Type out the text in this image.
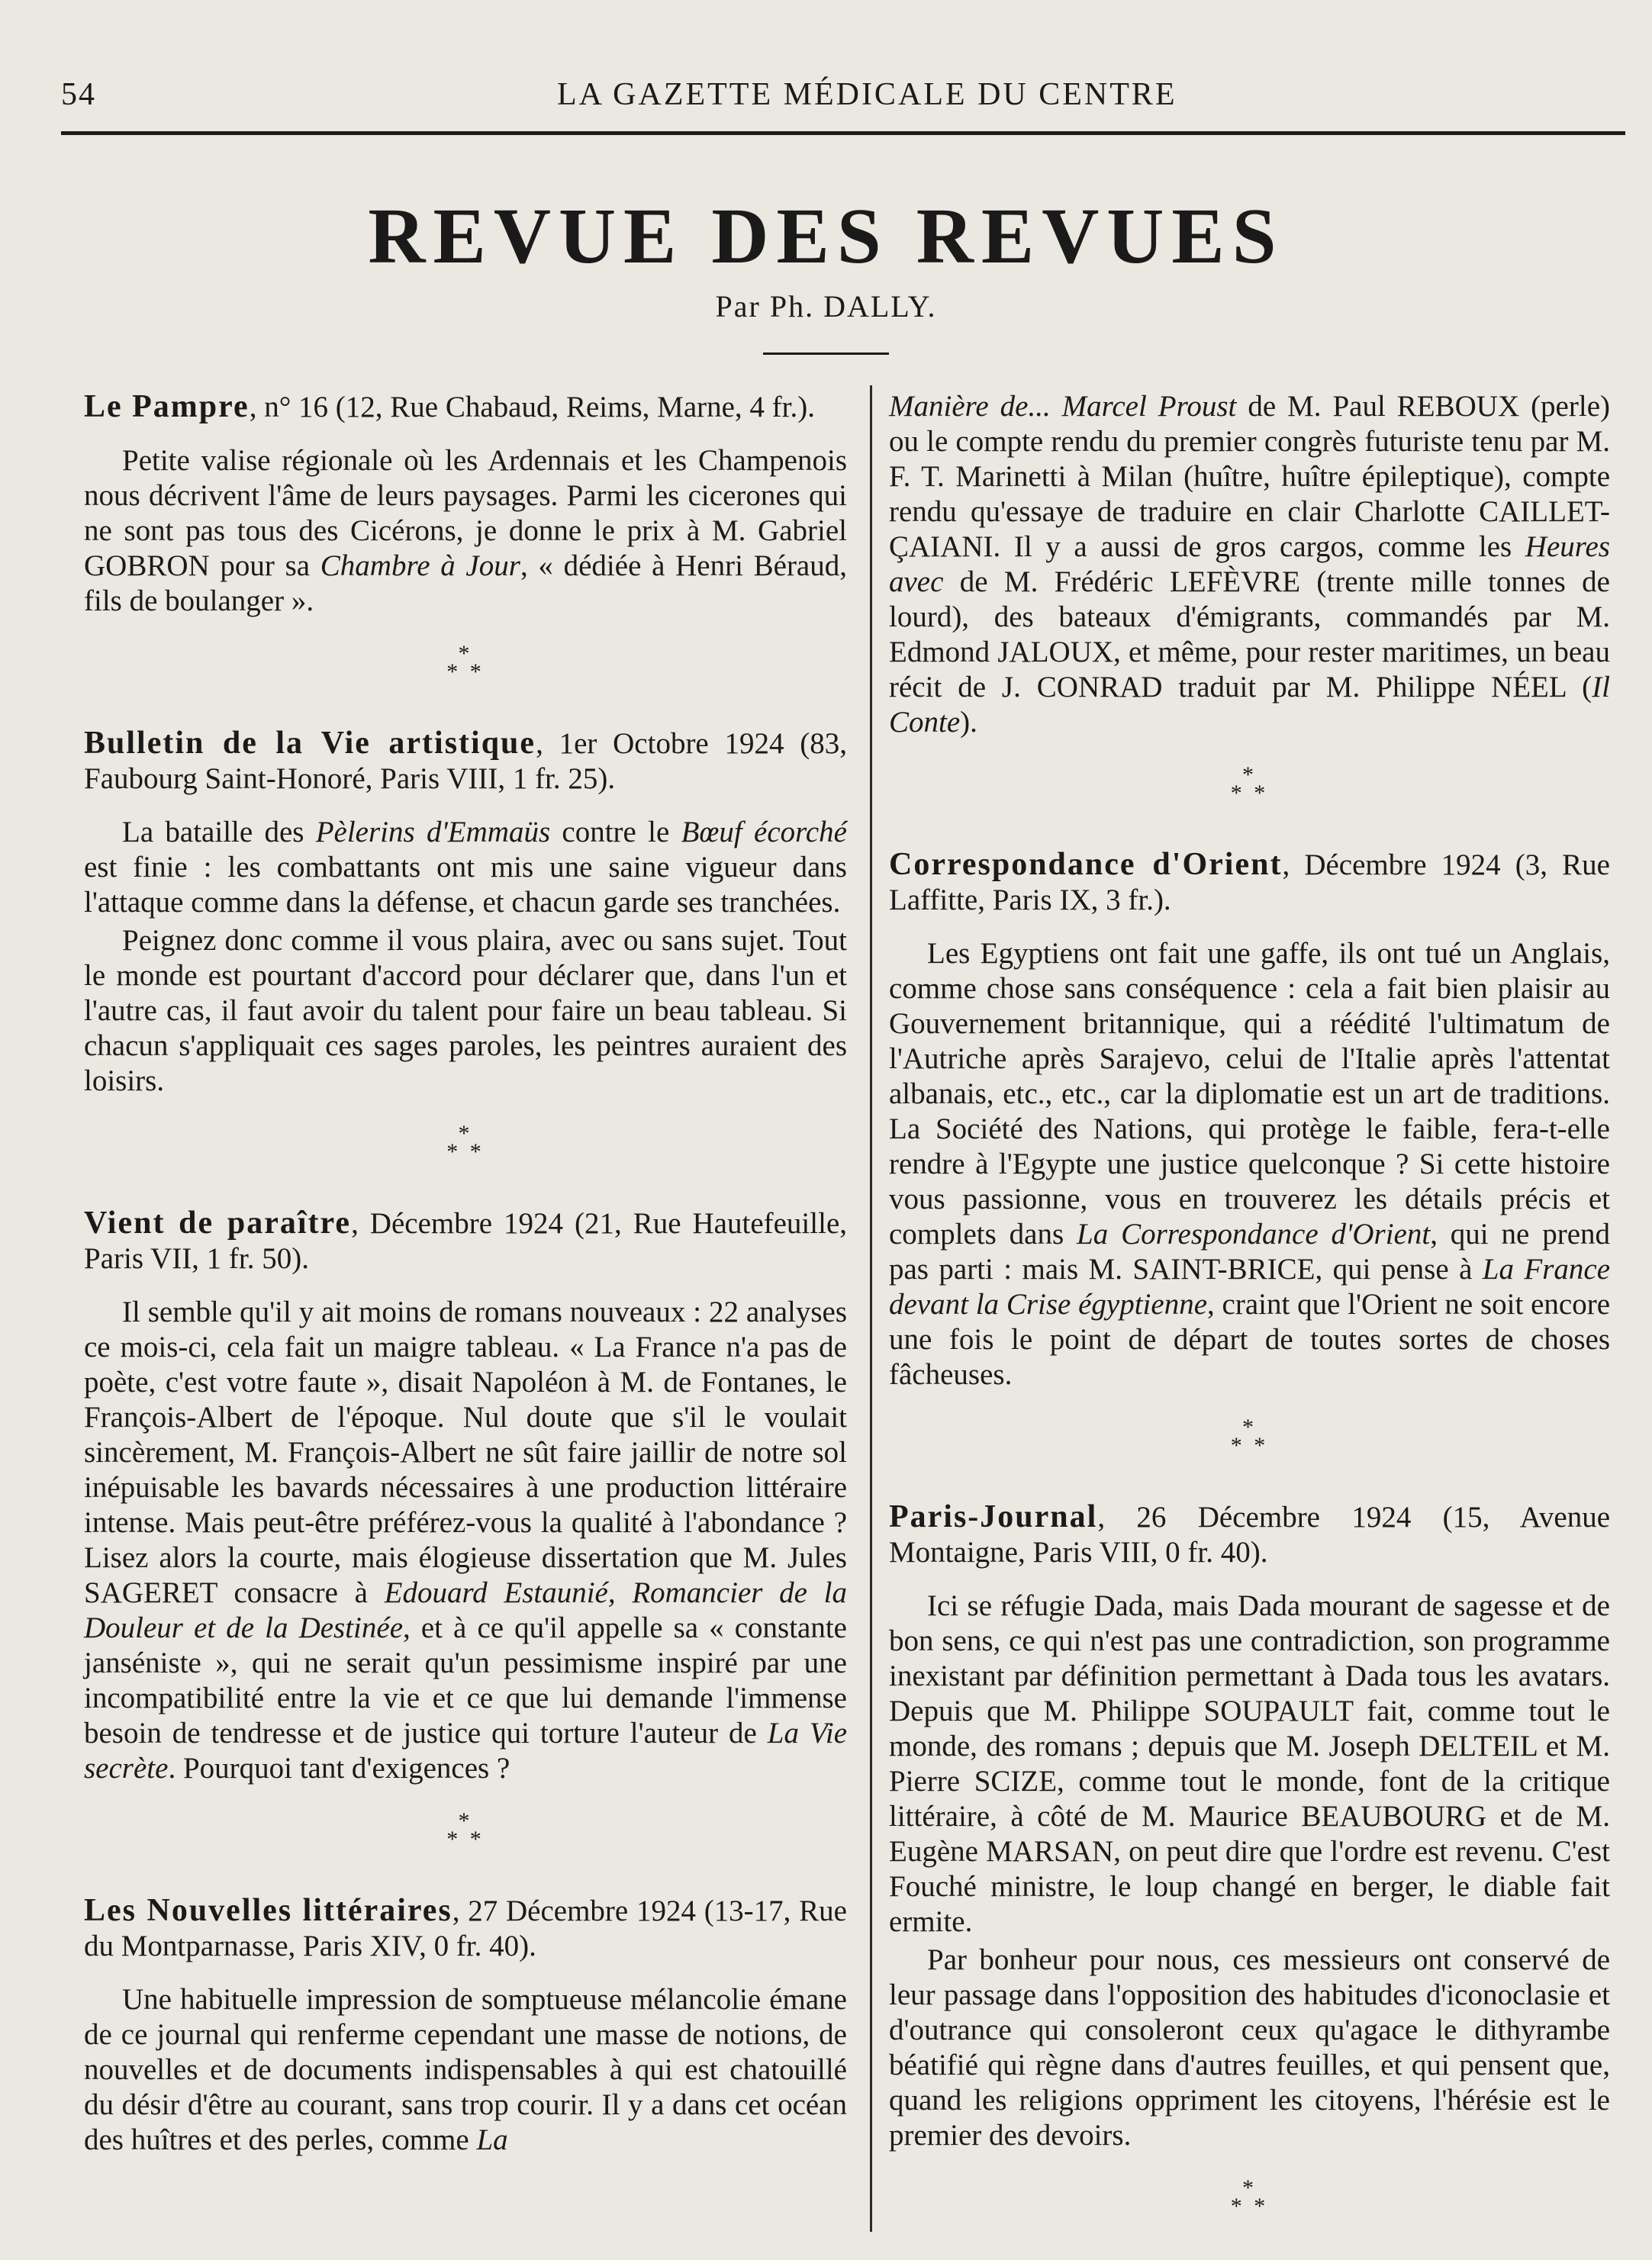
54	LA GAZETTE MÉDICALE DU CENTRE
REVUE DES REVUES
Par Ph. DALLY.

Le Pampre, n° 16 (12, Rue Chabaud, Reims, Marne, 4 fr.).

Petite valise régionale où les Ardennais et les Champenois nous décrivent l'âme de leurs paysages. Parmi les cicerones qui ne sont pas tous des Cicérons, je donne le prix à M. Gabriel GOBRON pour sa Chambre à Jour, « dédiée à Henri Béraud, fils de boulanger ».

*
* *

Bulletin de la Vie artistique, 1er Octobre 1924 (83, Faubourg Saint-Honoré, Paris VIII, 1 fr. 25).

La bataille des Pèlerins d'Emmaüs contre le Bœuf écorché est finie : les combattants ont mis une saine vigueur dans l'attaque comme dans la défense, et chacun garde ses tranchées.

Peignez donc comme il vous plaira, avec ou sans sujet. Tout le monde est pourtant d'accord pour déclarer que, dans l'un et l'autre cas, il faut avoir du talent pour faire un beau tableau. Si chacun s'appliquait ces sages paroles, les peintres auraient des loisirs.

*
* *

Vient de paraître, Décembre 1924 (21, Rue Hautefeuille, Paris VII, 1 fr. 50).

Il semble qu'il y ait moins de romans nouveaux : 22 analyses ce mois-ci, cela fait un maigre tableau. « La France n'a pas de poète, c'est votre faute », disait Napoléon à M. de Fontanes, le François-Albert de l'époque. Nul doute que s'il le voulait sincèrement, M. François-Albert ne sût faire jaillir de notre sol inépuisable les bavards nécessaires à une production littéraire intense. Mais peut-être préférez-vous la qualité à l'abondance ? Lisez alors la courte, mais élogieuse dissertation que M. Jules SAGERET consacre à Edouard Estaunié, Romancier de la Douleur et de la Destinée, et à ce qu'il appelle sa « constante janséniste », qui ne serait qu'un pessimisme inspiré par une incompatibilité entre la vie et ce que lui demande l'immense besoin de tendresse et de justice qui torture l'auteur de La Vie secrète. Pourquoi tant d'exigences ?

*
* *

Les Nouvelles littéraires, 27 Décembre 1924 (13-17, Rue du Montparnasse, Paris XIV, 0 fr. 40).

Une habituelle impression de somptueuse mélancolie émane de ce journal qui renferme cependant une masse de notions, de nouvelles et de documents indispensables à qui est chatouillé du désir d'être au courant, sans trop courir. Il y a dans cet océan des huîtres et des perles, comme La

Manière de... Marcel Proust de M. Paul REBOUX (perle) ou le compte rendu du premier congrès futuriste tenu par M. F. T. Marinetti à Milan (huître, huître épileptique), compte rendu qu'essaye de traduire en clair Charlotte CAILLET-ÇAIANI. Il y a aussi de gros cargos, comme les Heures avec de M. Frédéric LEFÈVRE (trente mille tonnes de lourd), des bateaux d'émigrants, commandés par M. Edmond JALOUX, et même, pour rester maritimes, un beau récit de J. CONRAD traduit par M. Philippe NÉEL (Il Conte).

*
* *

Correspondance d'Orient, Décembre 1924 (3, Rue Laffitte, Paris IX, 3 fr.).

Les Egyptiens ont fait une gaffe, ils ont tué un Anglais, comme chose sans conséquence : cela a fait bien plaisir au Gouvernement britannique, qui a réédité l'ultimatum de l'Autriche après Sarajevo, celui de l'Italie après l'attentat albanais, etc., etc., car la diplomatie est un art de traditions. La Société des Nations, qui protège le faible, fera-t-elle rendre à l'Egypte une justice quelconque ? Si cette histoire vous passionne, vous en trouverez les détails précis et complets dans La Correspondance d'Orient, qui ne prend pas parti : mais M. SAINT-BRICE, qui pense à La France devant la Crise égyptienne, craint que l'Orient ne soit encore une fois le point de départ de toutes sortes de choses fâcheuses.

*
* *

Paris-Journal, 26 Décembre 1924 (15, Avenue Montaigne, Paris VIII, 0 fr. 40).

Ici se réfugie Dada, mais Dada mourant de sagesse et de bon sens, ce qui n'est pas une contradiction, son programme inexistant par définition permettant à Dada tous les avatars. Depuis que M. Philippe SOUPAULT fait, comme tout le monde, des romans ; depuis que M. Joseph DELTEIL et M. Pierre SCIZE, comme tout le monde, font de la critique littéraire, à côté de M. Maurice BEAUBOURG et de M. Eugène MARSAN, on peut dire que l'ordre est revenu. C'est Fouché ministre, le loup changé en berger, le diable fait ermite.

Par bonheur pour nous, ces messieurs ont conservé de leur passage dans l'opposition des habitudes d'iconoclasie et d'outrance qui consoleront ceux qu'agace le dithyrambe béatifié qui règne dans d'autres feuilles, et qui pensent que, quand les religions oppriment les citoyens, l'hérésie est le premier des devoirs.

*
* *
